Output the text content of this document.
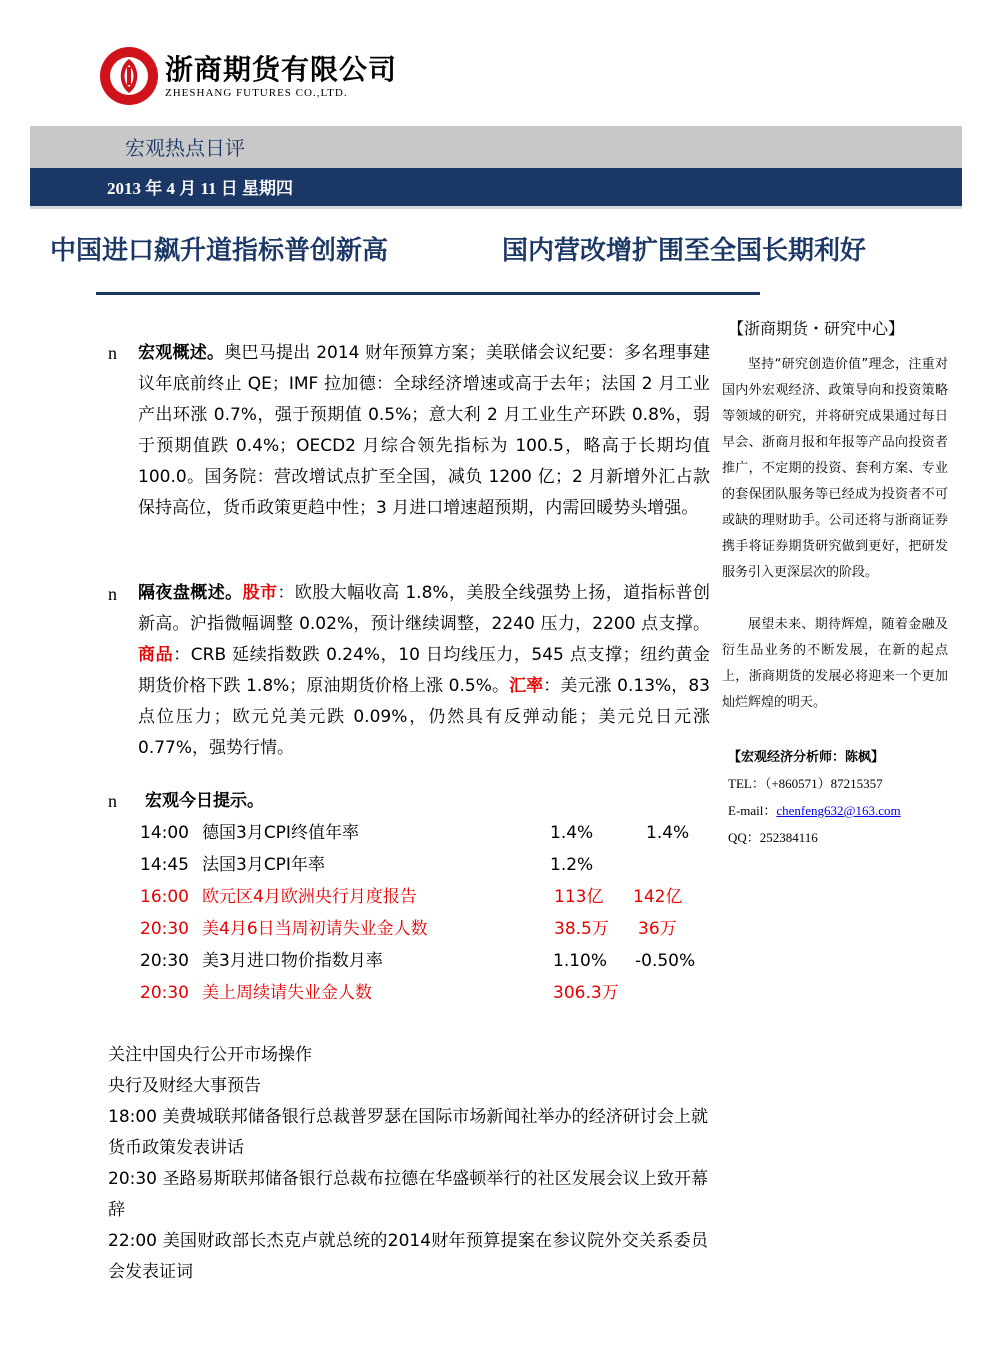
浙商期货有限公司
ZHESHANG FUTURES CO.,LTD.
宏观热点日评
2013 年 4 月 11 日 星期四
中国进口飙升道指标普创新高	国内营改增扩围至全国长期利好
n	宏观概述。奥巴马提出 2014 财年预算方案；美联储会议纪要：多名理事建议年底前终止 QE；IMF 拉加德：全球经济增速或高于去年；法国 2 月工业产出环涨 0.7%，强于预期值 0.5%；意大利 2 月工业生产环跌 0.8%，弱于预期值跌 0.4%；OECD2 月综合领先指标为 100.5，略高于长期均值 100.0。国务院：营改增试点扩至全国，减负 1200 亿；2 月新增外汇占款保持高位，货币政策更趋中性；3 月进口增速超预期，内需回暖势头增强。
n	隔夜盘概述。股市：欧股大幅收高 1.8%，美股全线强势上扬，道指标普创新高。沪指微幅调整 0.02%，预计继续调整，2240 压力，2200 点支撑。商品：CRB 延续指数跌 0.24%，10 日均线压力，545 点支撑；纽约黄金期货价格下跌 1.8%；原油期货价格上涨 0.5%。汇率：美元涨 0.13%，83 点位压力；欧元兑美元跌 0.09%，仍然具有反弹动能；美元兑日元涨 0.77%，强势行情。
n	宏观今日提示。
14:00 德国3月CPI终值年率	1.4%	1.4%
14:45 法国3月CPI年率	1.2%
16:00 欧元区4月欧洲央行月度报告	113亿 142亿
20:30 美4月6日当周初请失业金人数	38.5万 36万
20:30 美3月进口物价指数月率	1.10% -0.50%
20:30 美上周续请失业金人数	306.3万
关注中国央行公开市场操作
央行及财经大事预告
18:00 美费城联邦储备银行总裁普罗瑟在国际市场新闻社举办的经济研讨会上就货币政策发表讲话
20:30 圣路易斯联邦储备银行总裁布拉德在华盛顿举行的社区发展会议上致开幕辞
22:00 美国财政部长杰克卢就总统的2014财年预算提案在参议院外交关系委员会发表证词
【浙商期货・研究中心】
坚持“研究创造价值”理念，注重对国内外宏观经济、政策导向和投资策略等领域的研究，并将研究成果通过每日早会、浙商月报和年报等产品向投资者推广，不定期的投资、套利方案、专业的套保团队服务等已经成为投资者不可或缺的理财助手。公司还将与浙商证券携手将证券期货研究做到更好，把研发服务引入更深层次的阶段。
展望未来、期待辉煌，随着金融及衍生品业务的不断发展，在新的起点上，浙商期货的发展必将迎来一个更加灿烂辉煌的明天。
【宏观经济分析师：陈枫】
TEL：（+860571）87215357
E-mail：chenfeng632@163.com
QQ：252384116
